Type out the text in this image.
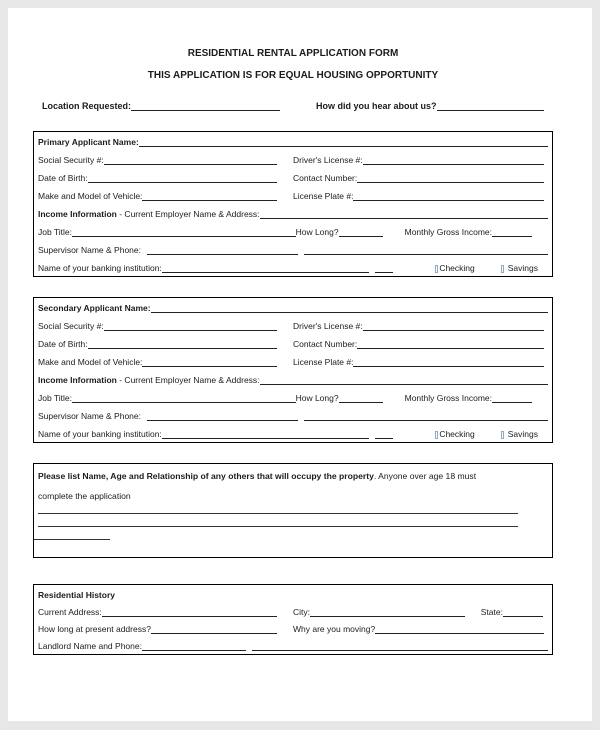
RESIDENTIAL RENTAL APPLICATION FORM
THIS APPLICATION IS FOR EQUAL HOUSING OPPORTUNITY
Location Requested:	How did you hear about us?
Primary Applicant Name:
Social Security #:	Driver's License #:
Date of Birth:	Contact Number:
Make and Model of Vehicle:	License Plate #:
Income Information - Current Employer Name & Address:
Job Title:	How Long?	Monthly Gross Income:
Supervisor Name & Phone:
Name of your banking institution:	Checking	Savings
Secondary Applicant Name:
Social Security #:	Driver's License #:
Date of Birth:	Contact Number:
Make and Model of Vehicle:	License Plate #:
Income Information - Current Employer Name & Address:
Job Title:	How Long?	Monthly Gross Income:
Supervisor Name & Phone:
Name of your banking institution:	Checking	Savings
Please list Name, Age and Relationship of any others that will occupy the property. Anyone over age 18 must
complete the application
Residential History
Current Address:	City:	State:
How long at present address?	Why are you moving?
Landlord Name and Phone:
